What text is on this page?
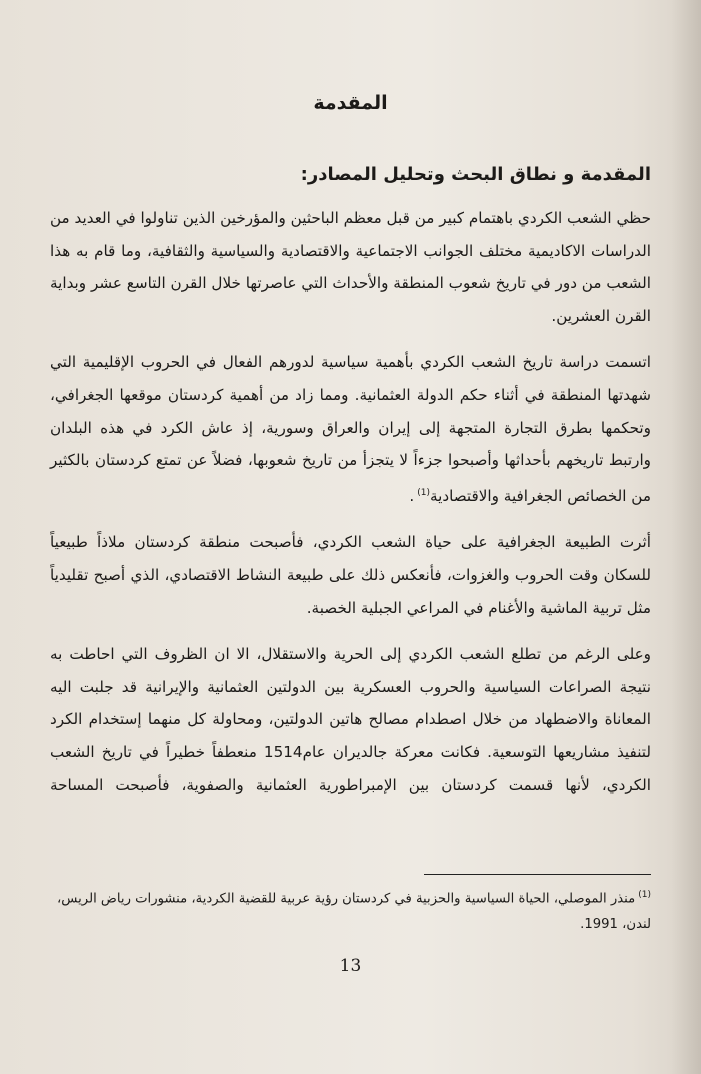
المقدمة
المقدمة و نطاق البحث وتحليل المصادر:

حظي الشعب الكردي باهتمام كبير من قبل معظم الباحثين والمؤرخين الذين تناولوا في العديد من الدراسات الاكاديمية مختلف الجوانب الاجتماعية والاقتصادية والسياسية والثقافية، وما قام به هذا الشعب من دور في تاريخ شعوب المنطقة والأحداث التي عاصرتها خلال القرن التاسع عشر وبداية القرن العشرين.

اتسمت دراسة تاريخ الشعب الكردي بأهمية سياسية لدورهم الفعال في الحروب الإقليمية التي شهدتها المنطقة في أثناء حكم الدولة العثمانية. ومما زاد من أهمية كردستان موقعها الجغرافي، وتحكمها بطرق التجارة المتجهة إلى إيران والعراق وسورية، إذ عاش الكرد في هذه البلدان وارتبط تاريخهم بأحداثها وأصبحوا جزءاً لا يتجزأ من تاريخ شعوبها، فضلاً عن تمتع كردستان بالكثير من الخصائص الجغرافية والاقتصادية$^{(1)}$.

أثرت الطبيعة الجغرافية على حياة الشعب الكردي، فأصبحت منطقة كردستان ملاذاً طبيعياً للسكان وقت الحروب والغزوات، فأنعكس ذلك على طبيعة النشاط الاقتصادي، الذي أصبح تقليدياً مثل تربية الماشية والأغنام في المراعي الجبلية الخصبة.

وعلى الرغم من تطلع الشعب الكردي إلى الحرية والاستقلال، الا ان الظروف التي احاطت به نتيجة الصراعات السياسية والحروب العسكرية بين الدولتين العثمانية والإيرانية قد جلبت اليه المعاناة والاضطهاد من خلال اصطدام مصالح هاتين الدولتين، ومحاولة كل منهما إستخدام الكرد لتنفيذ مشاريعها التوسعية. فكانت معركة جالديران عام1514 منعطفاً خطيراً في تاريخ الشعب الكردي، لأنها قسمت كردستان بين الإمبراطورية العثمانية والصفوية، فأصبحت المساحة

$^{(1)}$منذر الموصلي، الحياة السياسية والحزبية في كردستان رؤية عربية للقضية الكردية، منشورات رياض الريس، لندن، 1991.

13
